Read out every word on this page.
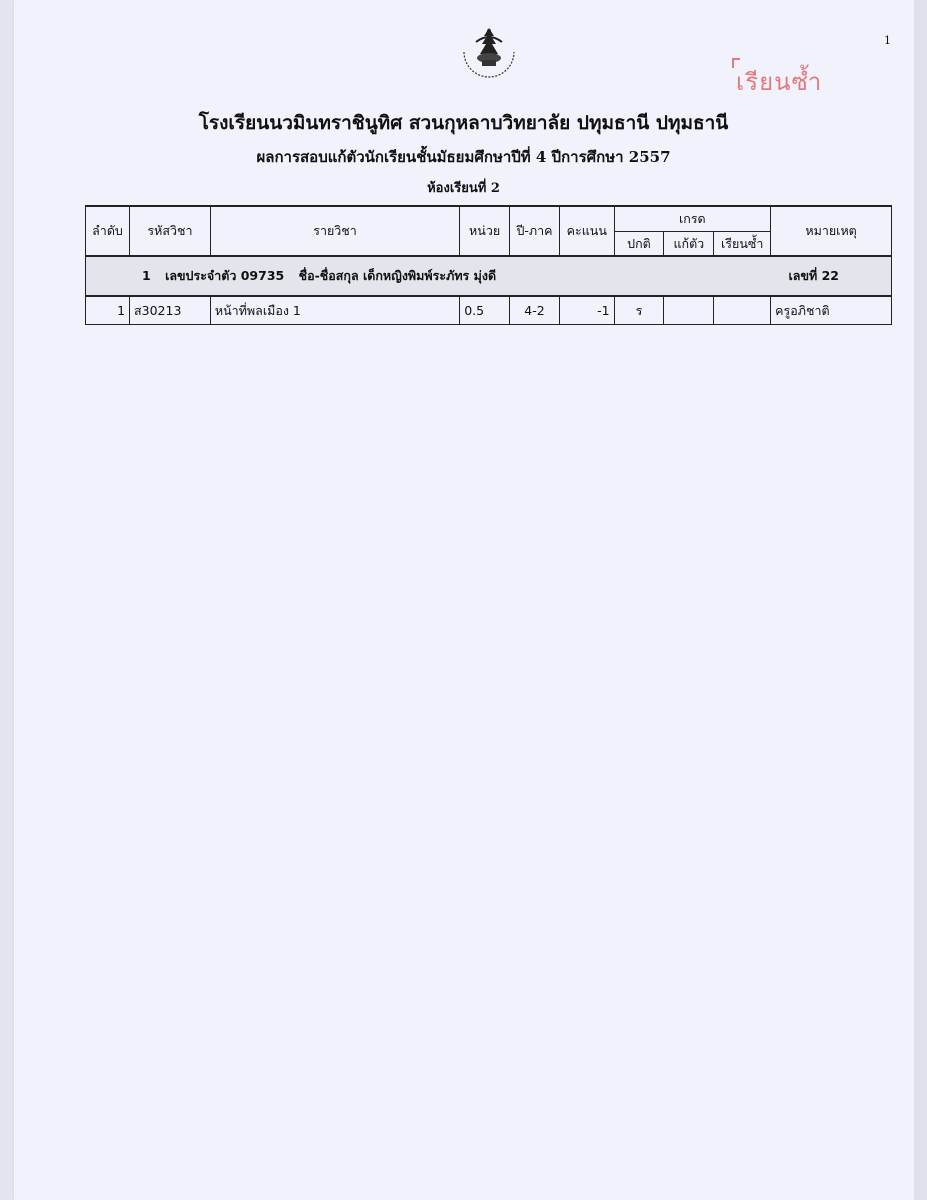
1
เรียนซ้ำ
โรงเรียนนวมินทราชินูทิศ สวนกุหลาบวิทยาลัย ปทุมธานี ปทุมธานี
ผลการสอบแก้ตัวนักเรียนชั้นมัธยมศึกษาปีที่ 4 ปีการศึกษา 2557
ห้องเรียนที่ 2
ลำดับ	รหัสวิชา	รายวิชา	หน่วย	ปี-ภาค	คะแนน	เกรด			หมายเหตุ
						ปกติ	แก้ตัว	เรียนซ้ำ	

1 เลขประจำตัว 09735 ชื่อ-ชื่อสกุล เด็กหญิงพิมพ์ระภัทร มุ่งดี เลขที่ 22									

1	ส30213	หน้าที่พลเมือง 1	0.5	4-2	-1	ร			ครูอภิชาติ
